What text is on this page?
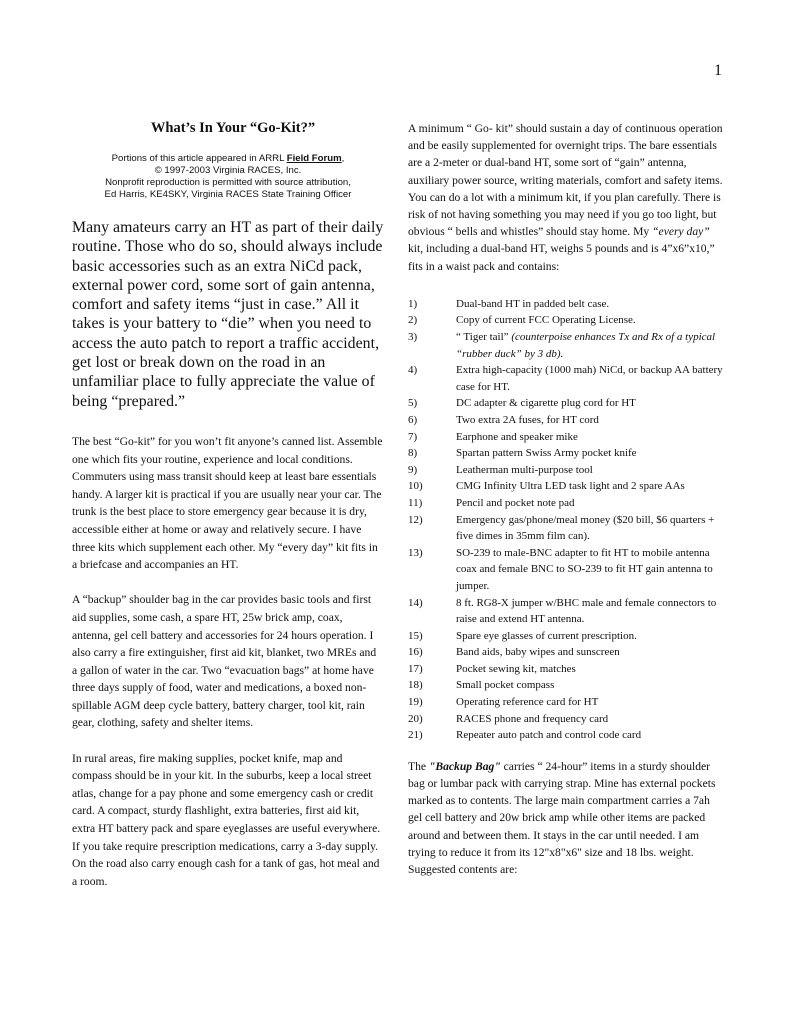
1
What’s In Your “Go-Kit?”
Portions of this article appeared in ARRL Field Forum,
© 1997-2003 Virginia RACES, Inc.
Nonprofit reproduction is permitted with source attribution,
Ed Harris, KE4SKY, Virginia RACES State Training Officer

Many amateurs carry an HT as part of their daily routine. Those who do so, should always include basic accessories such as an extra NiCd pack, external power cord, some sort of gain antenna, comfort and safety items “just in case.” All it takes is your battery to “die” when you need to access the auto patch to report a traffic accident, get lost or break down on the road in an unfamiliar place to fully appreciate the value of being “prepared.”

The best “Go-kit” for you won’t fit anyone’s canned list. Assemble one which fits your routine, experience and local conditions. Commuters using mass transit should keep at least bare essentials handy. A larger kit is practical if you are usually near your car. The trunk is the best place to store emergency gear because it is dry, accessible either at home or away and relatively secure. I have three kits which supplement each other. My “every day” kit fits in a briefcase and accompanies an HT.

A “backup” shoulder bag in the car provides basic tools and first aid supplies, some cash, a spare HT, 25w brick amp, coax, antenna, gel cell battery and accessories for 24 hours operation. I also carry a fire extinguisher, first aid kit, blanket, two MREs and a gallon of water in the car. Two “evacuation bags” at home have three days supply of food, water and medications, a boxed non-spillable AGM deep cycle battery, battery charger, tool kit, rain gear, clothing, safety and shelter items.

In rural areas, fire making supplies, pocket knife, map and compass should be in your kit. In the suburbs, keep a local street atlas, change for a pay phone and some emergency cash or credit card. A compact, sturdy flashlight, extra batteries, first aid kit, extra HT battery pack and spare eyeglasses are useful everywhere. If you take require prescription medications, carry a 3-day supply. On the road also carry enough cash for a tank of gas, hot meal and a room.

A minimum “ Go- kit” should sustain a day of continuous operation and be easily supplemented for overnight trips. The bare essentials are a 2-meter or dual-band HT, some sort of “gain” antenna, auxiliary power source, writing materials, comfort and safety items. You can do a lot with a minimum kit, if you plan carefully. There is risk of not having something you may need if you go too light, but obvious “ bells and whistles” should stay home. My “every day” kit, including a dual-band HT, weighs 5 pounds and is 4”x6”x10,” fits in a waist pack and contains:

1)	Dual-band HT in padded belt case.
2)	Copy of current FCC Operating License.
3)	“ Tiger tail” (counterpoise enhances Tx and Rx of a typical “rubber duck” by 3 db).
4)	Extra high-capacity (1000 mah) NiCd, or backup AA battery case for HT.
5)	DC adapter & cigarette plug cord for HT
6)	Two extra 2A fuses, for HT cord
7)	Earphone and speaker mike
8)	Spartan pattern Swiss Army pocket knife
9)	Leatherman multi-purpose tool
10)	CMG Infinity Ultra LED task light and 2 spare AAs
11)	Pencil and pocket note pad
12)	Emergency gas/phone/meal money ($20 bill, $6 quarters + five dimes in 35mm film can).
13)	SO-239 to male-BNC adapter to fit HT to mobile antenna coax and female BNC to SO-239 to fit HT gain antenna to jumper.
14)	8 ft. RG8-X jumper w/BHC male and female connectors to raise and extend HT antenna.
15)	Spare eye glasses of current prescription.
16)	Band aids, baby wipes and sunscreen
17)	Pocket sewing kit, matches
18)	Small pocket compass
19)	Operating reference card for HT
20)	RACES phone and frequency card
21)	Repeater auto patch and control code card

The "Backup Bag" carries “ 24-hour” items in a sturdy shoulder bag or lumbar pack with carrying strap. Mine has external pockets marked as to contents. The large main compartment carries a 7ah gel cell battery and 20w brick amp while other items are packed around and between them. It stays in the car until needed. I am trying to reduce it from its 12"x8"x6" size and 18 lbs. weight. Suggested contents are:
